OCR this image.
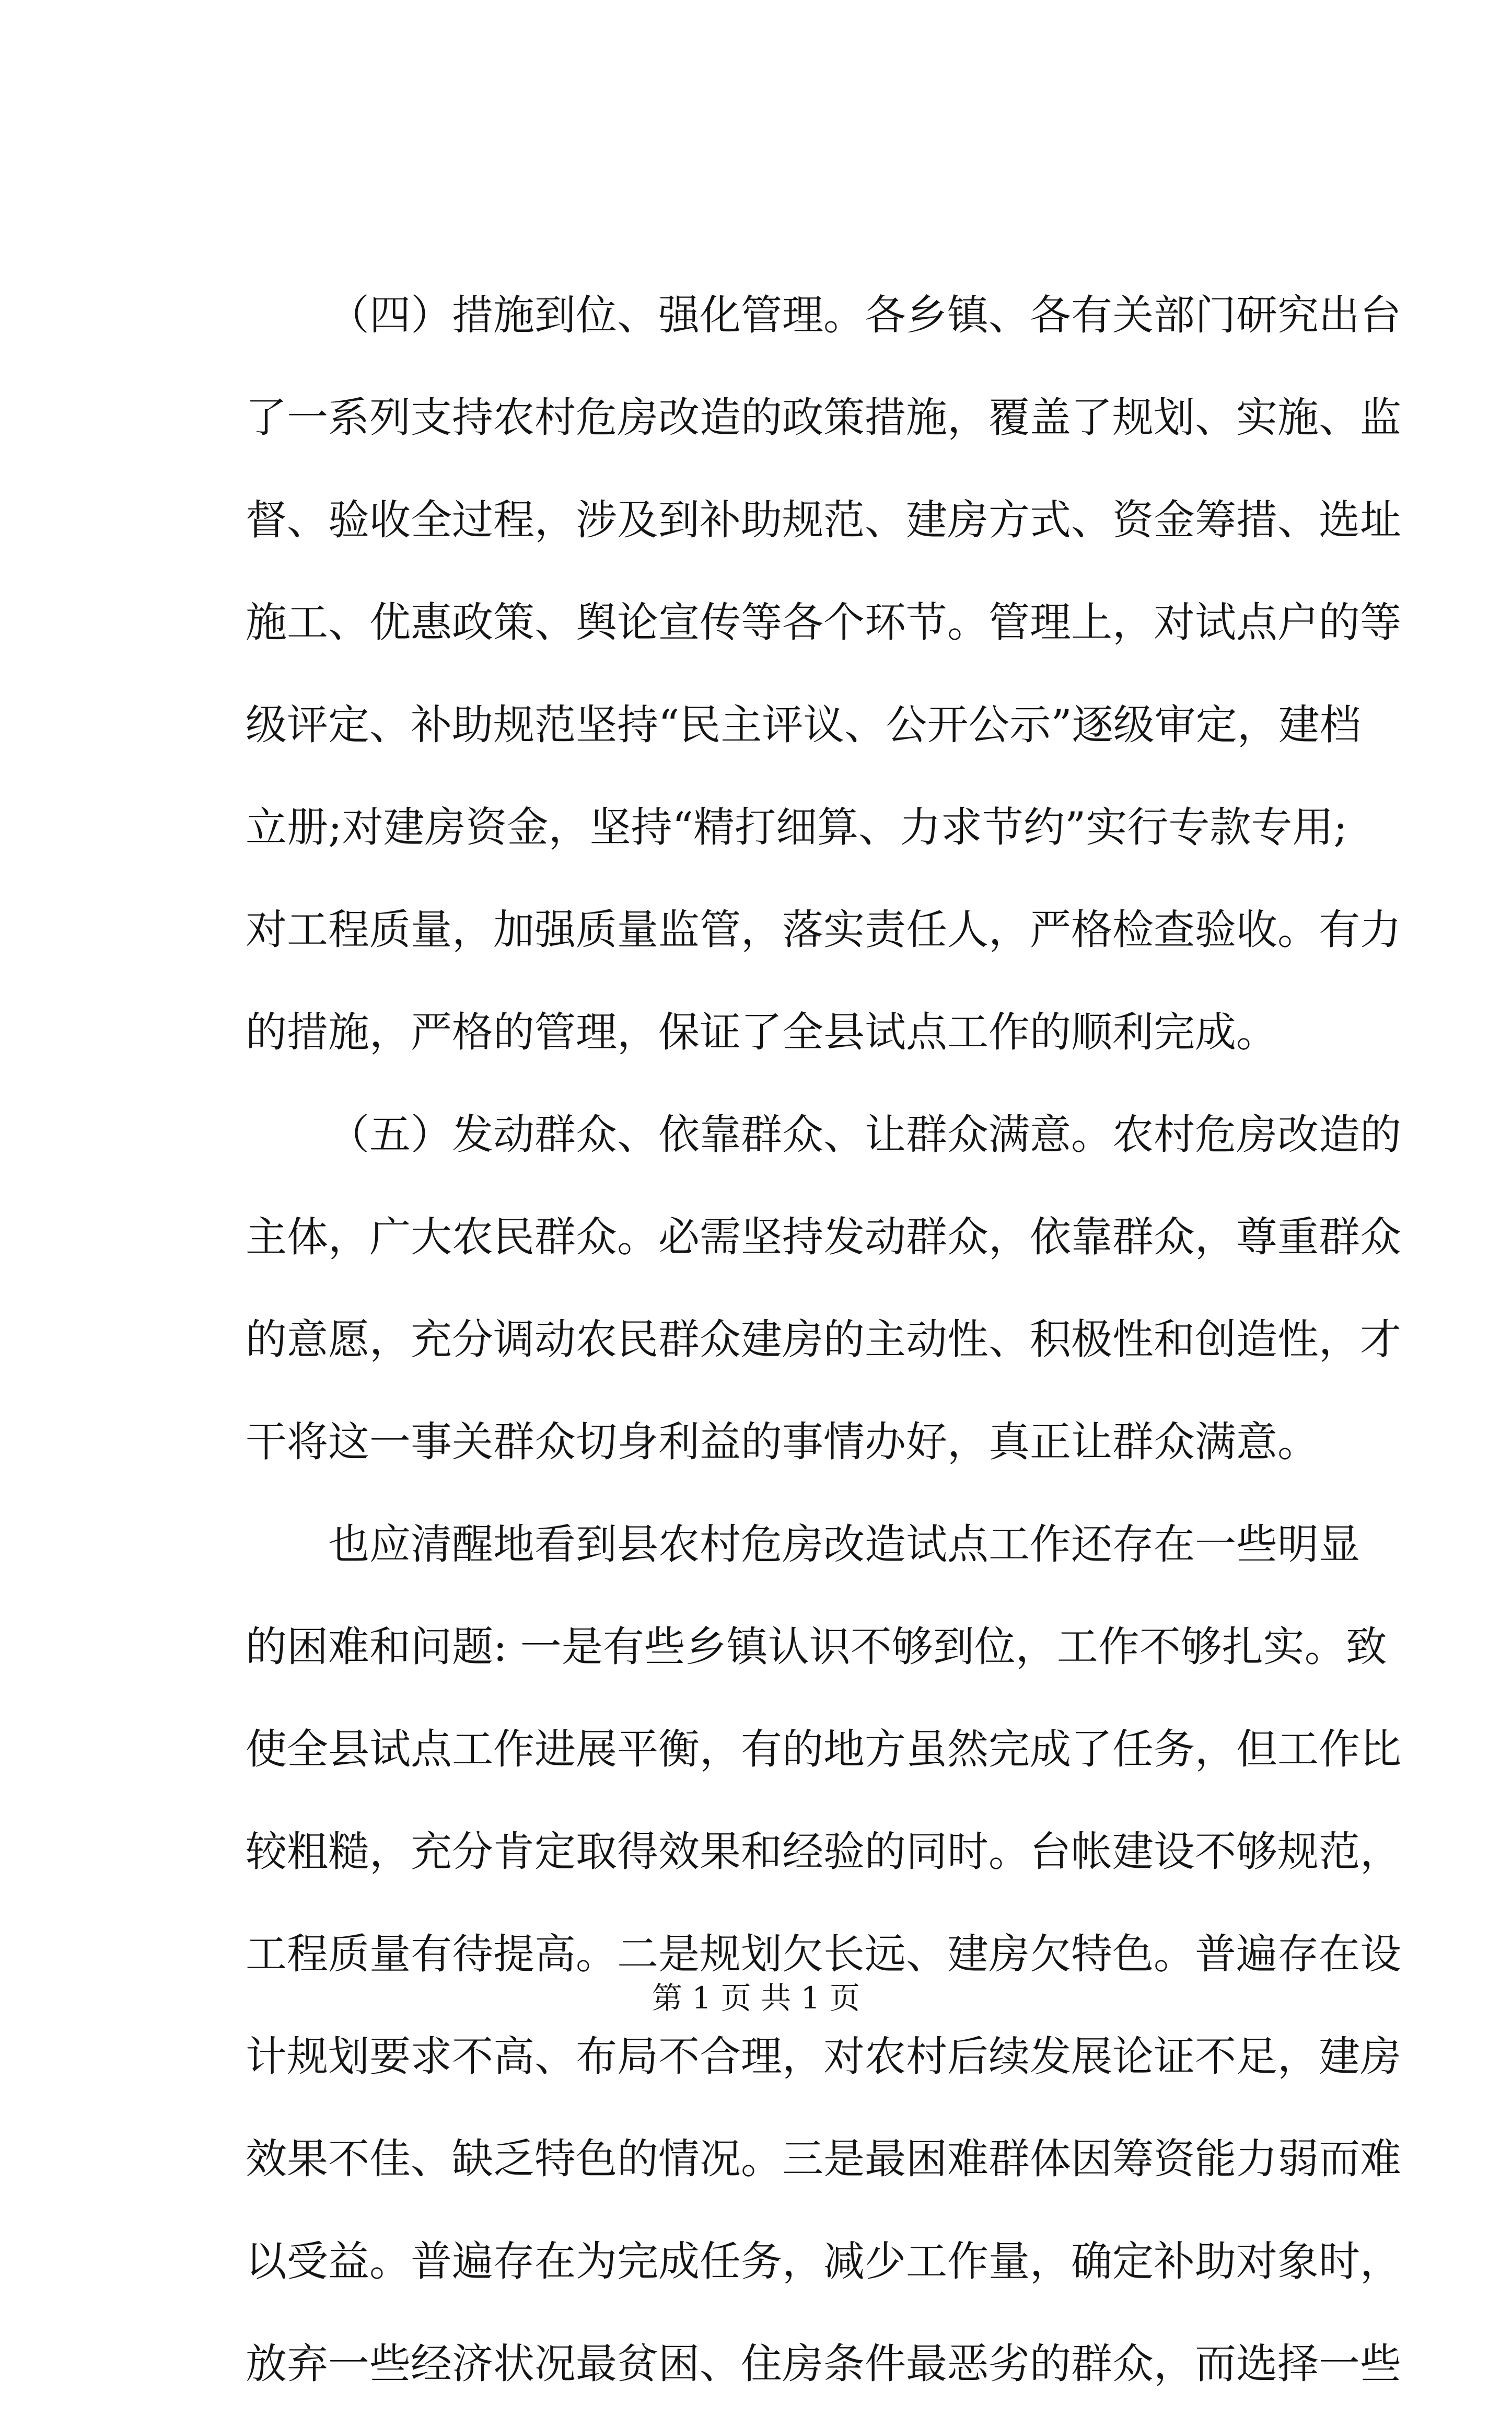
（四）措施到位、强化管理。各乡镇、各有关部门研究出台
了一系列支持农村危房改造的政策措施，覆盖了规划、实施、监
督、验收全过程，涉及到补助规范、建房方式、资金筹措、选址
施工、优惠政策、舆论宣传等各个环节。管理上，对试点户的等
级评定、补助规范坚持“民主评议、公开公示”逐级审定，建档
立册;对建房资金，坚持“精打细算、力求节约”实行专款专用;
对工程质量，加强质量监管，落实责任人，严格检查验收。有力
的措施，严格的管理，保证了全县试点工作的顺利完成。
（五）发动群众、依靠群众、让群众满意。农村危房改造的
主体，广大农民群众。必需坚持发动群众，依靠群众，尊重群众
的意愿，充分调动农民群众建房的主动性、积极性和创造性，才
干将这一事关群众切身利益的事情办好，真正让群众满意。
也应清醒地看到县农村危房改造试点工作还存在一些明显
的困难和问题: 一是有些乡镇认识不够到位，工作不够扎实。致
使全县试点工作进展平衡，有的地方虽然完成了任务，但工作比
较粗糙，充分肯定取得效果和经验的同时。台帐建设不够规范，
工程质量有待提高。二是规划欠长远、建房欠特色。普遍存在设
计规划要求不高、布局不合理，对农村后续发展论证不足，建房
效果不佳、缺乏特色的情况。三是最困难群体因筹资能力弱而难
以受益。普遍存在为完成任务，减少工作量，确定补助对象时，
放弃一些经济状况最贫困、住房条件最恶劣的群众，而选择一些
第 1 页 共 1 页
